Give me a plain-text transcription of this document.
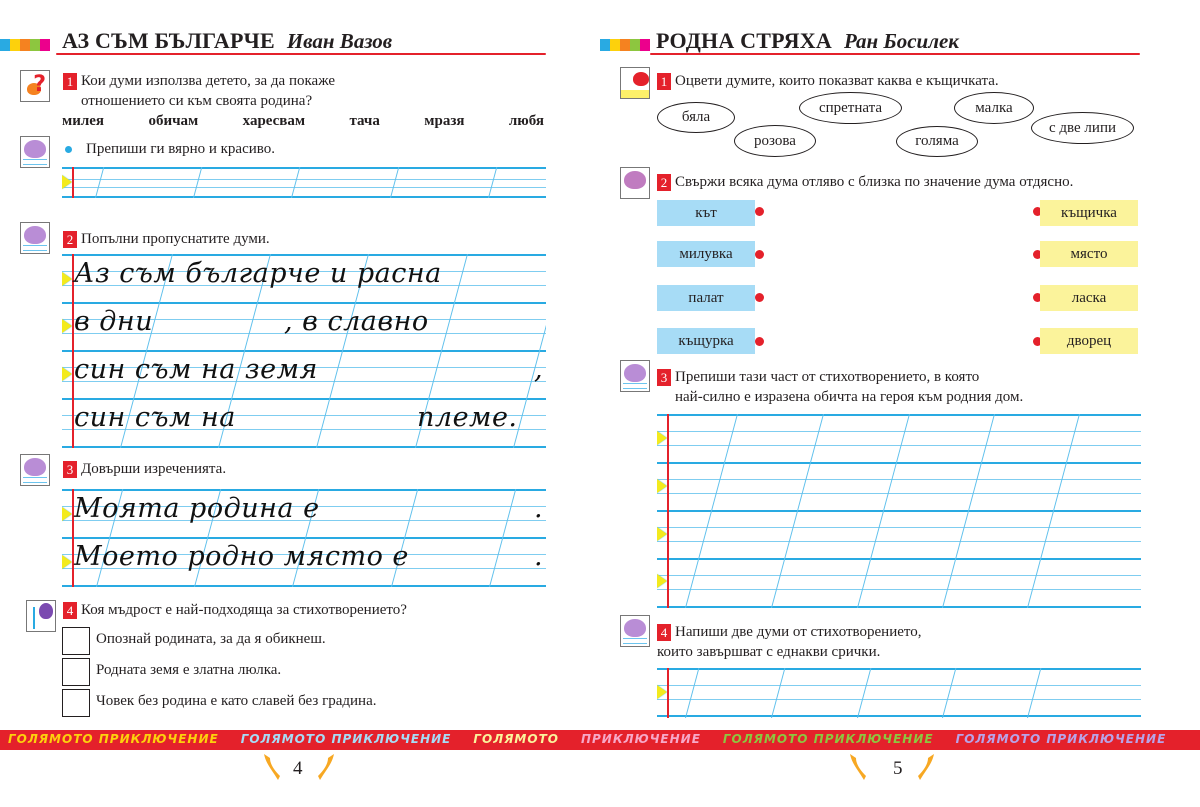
АЗ СЪМ БЪЛГАРЧЕ Иван Вазов
? 1 Кои думи използва детето, за да покаже
отношението си към своята родина?
милея	обичам	харесвам	тача	мразя	любя
Препиши ги вярно и красиво.
2 Попълни пропуснатите думи.
Аз съм българче и расна
в дни	, в славно
син съм на земя	,
син съм на	племе.
3 Довърши изреченията.
Моята родина е	.
Моето родно място е	.
4 Коя мъдрост е най-подходяща за стихотворението?
Опознай родината, за да я обикнеш.
Родната земя е златна люлка.
Човек без родина е като славей без градина.
4
РОДНА СТРЯХА Ран Босилек
1 Оцвети думите, които показват каква е къщичката.
бяла
розова
спретната
голяма
малка
с две липи
2 Свържи всяка дума отляво с близка по значение дума отдясно.
кът
милувка
палат
къщурка
къщичка
място
ласка
дворец
3 Препиши тази част от стихотворението, в която
най-силно е изразена обичта на героя към родния дом.
4 Напиши две думи от стихотворението,
които завършват с еднакви срички.
5
ГОЛЯМОТО ПРИКЛЮЧЕНИЕ ГОЛЯМОТО ПРИКЛЮЧЕНИЕ ГОЛЯМОТО ПРИКЛЮЧЕНИЕ ГОЛЯМОТО ПРИКЛЮЧЕНИЕ ГОЛЯМОТО ПРИКЛЮЧЕНИЕ
